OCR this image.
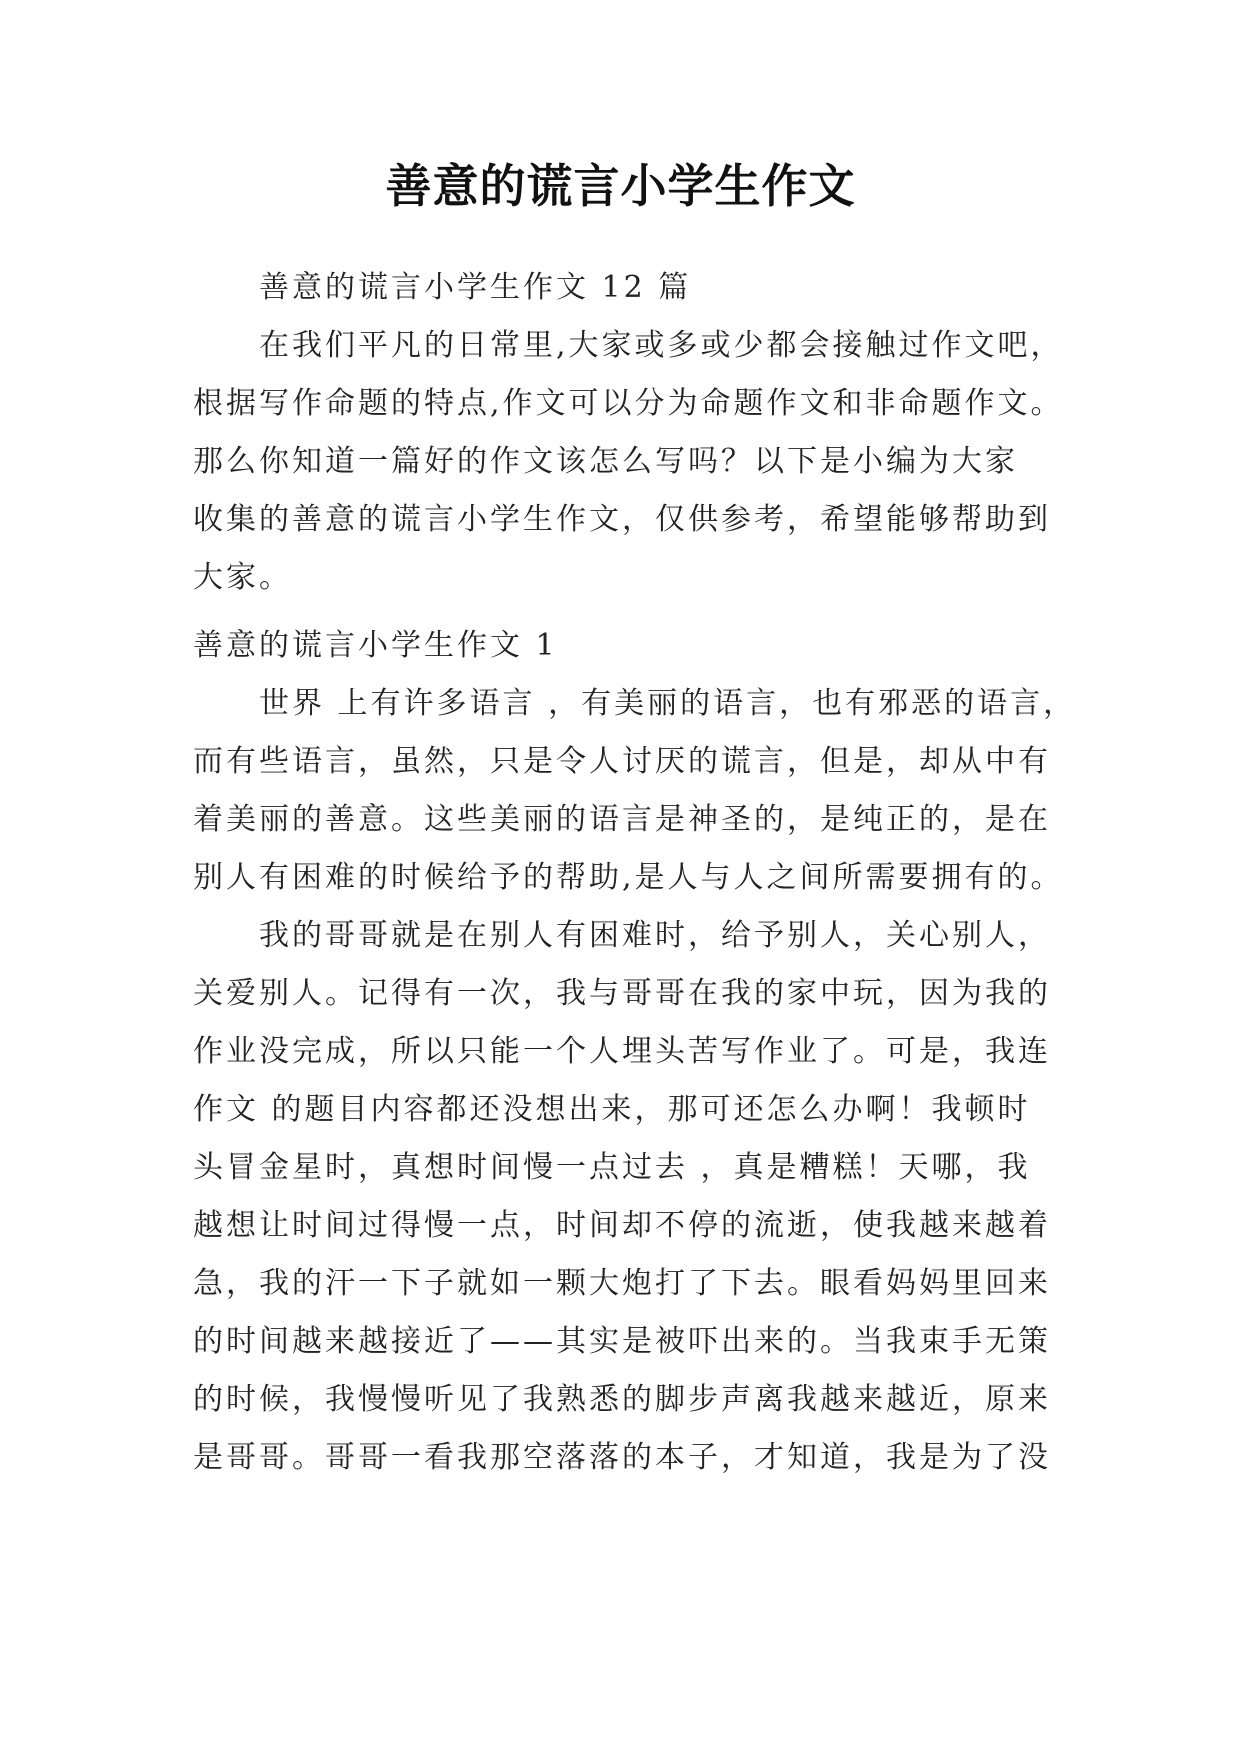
善意的谎言小学生作文
善意的谎言小学生作文 12 篇
在我们平凡的日常里,大家或多或少都会接触过作文吧，
根据写作命题的特点,作文可以分为命题作文和非命题作文。
那么你知道一篇好的作文该怎么写吗？以下是小编为大家
收集的善意的谎言小学生作文，仅供参考，希望能够帮助到
大家。
善意的谎言小学生作文 1
世界 上有许多语言 ，有美丽的语言，也有邪恶的语言，
而有些语言，虽然，只是令人讨厌的谎言，但是，却从中有
着美丽的善意。这些美丽的语言是神圣的，是纯正的，是在
别人有困难的时候给予的帮助,是人与人之间所需要拥有的。
我的哥哥就是在别人有困难时，给予别人，关心别人，
关爱别人。记得有一次，我与哥哥在我的家中玩，因为我的
作业没完成，所以只能一个人埋头苦写作业了。可是，我连
作文 的题目内容都还没想出来，那可还怎么办啊！我顿时
头冒金星时，真想时间慢一点过去 ，真是糟糕！天哪，我
越想让时间过得慢一点，时间却不停的流逝，使我越来越着
急，我的汗一下子就如一颗大炮打了下去。眼看妈妈里回来
的时间越来越接近了——其实是被吓出来的。当我束手无策
的时候，我慢慢听见了我熟悉的脚步声离我越来越近，原来
是哥哥。哥哥一看我那空落落的本子，才知道，我是为了没
